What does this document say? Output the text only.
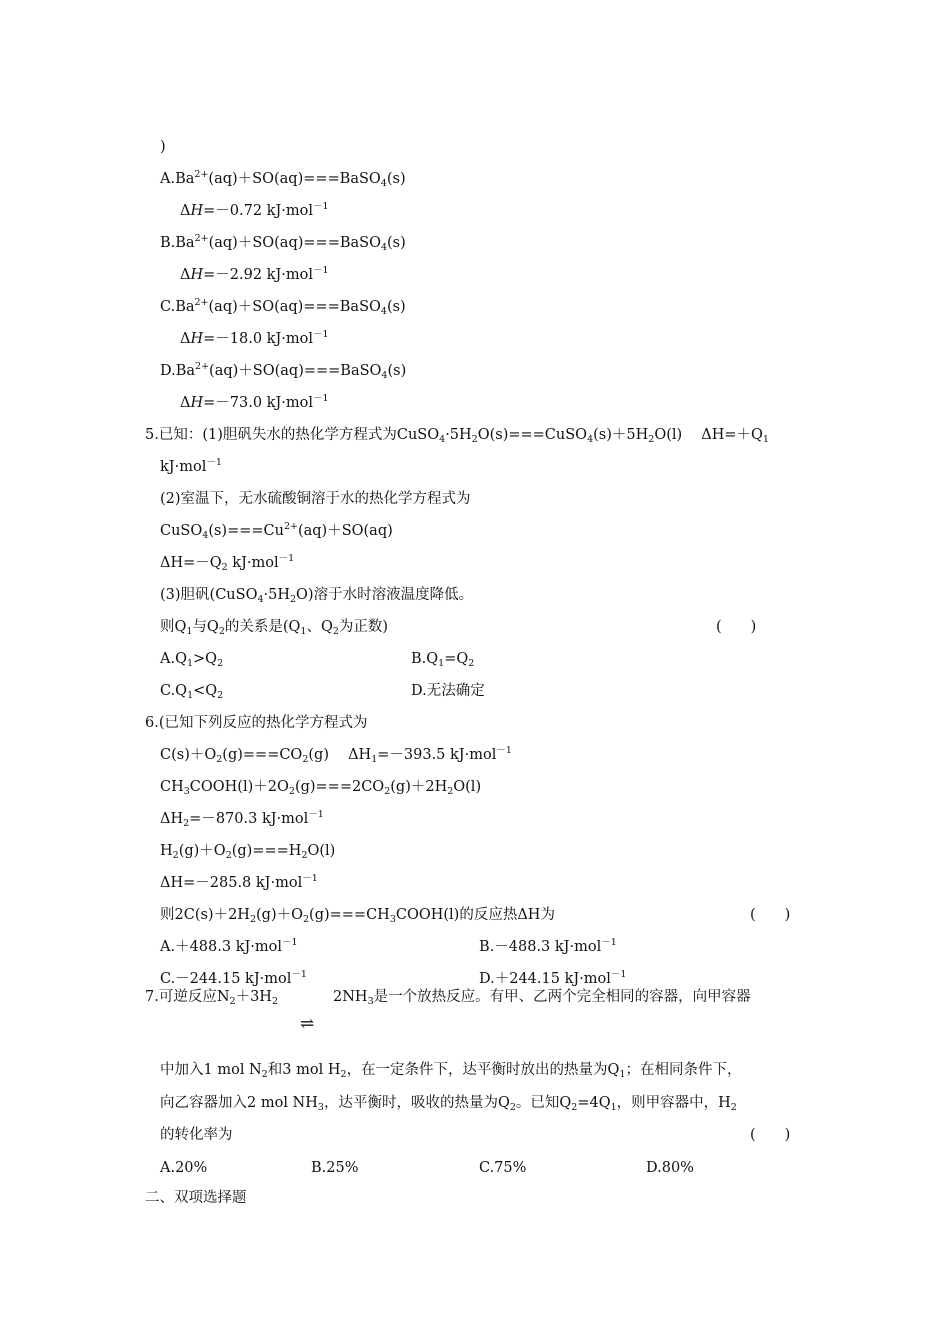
)
$A.Ba^{2+}(aq)+SO(aq)===BaSO_4(s)$
ΔH=－0.72 kJ·mol$^{-1}$
$B.Ba^{2+}(aq)+SO(aq)===BaSO_4(s)$
ΔH=－2.92 kJ·mol$^{-1}$
$C.Ba^{2+}(aq)+SO(aq)===BaSO_4(s)$
ΔH=－18.0 kJ·mol$^{-1}$
$D.Ba^{2+}(aq)+SO(aq)===BaSO_4(s)$
ΔH=－73.0 kJ·mol$^{-1}$
5.已知：(1)胆矾失水的热化学方程式为$CuSO_4\cdot 5H_2O(s)===CuSO_4(s)+5H_2O(l)$　 $\Delta H=+Q_1$
kJ·mol$^{-1}$
(2)室温下，无水硫酸铜溶于水的热化学方程式为
$CuSO_4(s)===Cu^{2+}(aq)+SO(aq)$
$\Delta H=-Q_2$ kJ·mol$^{-1}$
(3)胆矾$(CuSO_4\cdot 5H_2O)$溶于水时溶液温度降低。
则$Q_1$与$Q_2$的关系是($Q_1$、$Q_2$为正数)	(　　)
$A.Q_1>Q_2$	$B.Q_1=Q_2$
$C.Q_1<Q_2$	D.无法确定
6.(已知下列反应的热化学方程式为
$C(s)+O_2(g)===CO_2(g)$　 $\Delta H_1=-393.5$ kJ·mol$^{-1}$
$CH_3COOH(l)+2O_2(g)===2CO_2(g)+2H_2O(l)$
$\Delta H_2=-870.3$ kJ·mol$^{-1}$
$H_2(g)+O_2(g)===H_2O(l)$
ΔH=－285.8 kJ·mol$^{-1}$
则$2C(s)+2H_2(g)+O_2(g)===CH_3COOH(l)$的反应热ΔH为	(　　)
A.＋488.3 kJ·mol$^{-1}$	B.－488.3 kJ·mol$^{-1}$
C.－244.15 kJ·mol$^{-1}$	D.＋244.15 kJ·mol$^{-1}$
7.可逆反应$N_2+3H_2$	$2NH_3$是一个放热反应。有甲、乙两个完全相同的容器，向甲容器
⇌
中加入1 mol $N_2$和3 mol $H_2$，在一定条件下，达平衡时放出的热量为$Q_1$；在相同条件下，
向乙容器加入2 mol $NH_3$，达平衡时，吸收的热量为$Q_2$。已知$Q_2=4Q_1$，则甲容器中，$H_2$
的转化率为	(　　)
A.20%	B.25%	C.75%	D.80%
二、双项选择题
